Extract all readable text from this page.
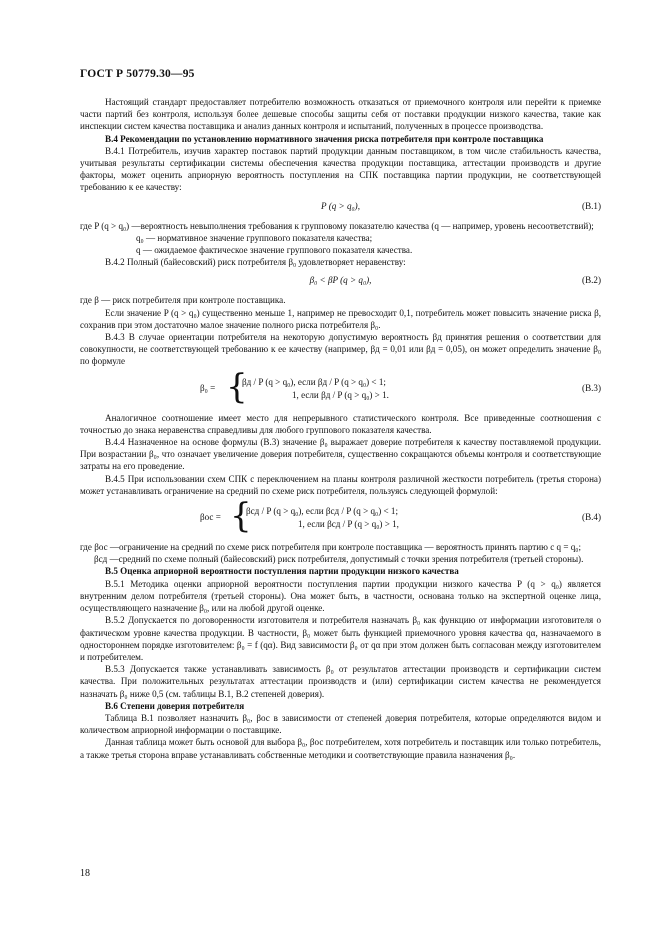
ГОСТ Р 50779.30—95

Настоящий стандарт предоставляет потребителю возможность отказаться от приемочного контроля или перейти к приемке части партий без контроля, используя более дешевые способы защиты себя от поставки продукции низкого качества, такие как инспекции систем качества поставщика и анализ данных контроля и испытаний, полученных в процессе производства.

В.4 Рекомендации по установлению нормативного значения риска потребителя при контроле поставщика

В.4.1 Потребитель, изучив характер поставок партий продукции данным поставщиком, в том числе стабильность качества, учитывая результаты сертификации системы обеспечения качества продукции поставщика, аттестации производств и другие факторы, может оценить априорную вероятность поступления на СПК поставщика партии продукции, не соответствующей требованию к ее качеству:

P (q > q₀),	(В.1)
где P (q > q₀) — вероятность невыполнения требования к групповому показателю качества (q — например, уровень несоответствий);

q₀ — нормативное значение группового показателя качества;

q — ожидаемое фактическое значение группового показателя качества.

В.4.2 Полный (байесовский) риск потребителя β₀ удовлетворяет неравенству:

β₀ < βP (q > q₀),	(В.2)

где β — риск потребителя при контроле поставщика.

Если значение P (q > q₀) существенно меньше 1, например не превосходит 0,1, потребитель может повысить значение риска β, сохранив при этом достаточно малое значение полного риска потребителя β₀.

В.4.3 В случае ориентации потребителя на некоторую допустимую вероятность βд принятия решения о соответствии для совокупности, не соответствующей требованию к ее качеству (например, βд = 0,01 или βд = 0,05), он может определить значение β₀ по формуле

β₀ = {
βд / P (q > q₀), если βд / P (q > q₀) < 1;
1, если βд / P (q > q₀) > 1.
(В.3)

Аналогичное соотношение имеет место для непрерывного статистического контроля. Все приведенные соотношения с точностью до знака неравенства справедливы для любого группового показателя качества.

В.4.4 Назначенное на основе формулы (В.3) значение β₀ выражает доверие потребителя к качеству поставляемой продукции. При возрастании β₀, что означает увеличение доверия потребителя, существенно сокращаются объемы контроля и соответствующие затраты на его проведение.

В.4.5 При использовании схем СПК с переключением на планы контроля различной жесткости потребитель (третья сторона) может устанавливать ограничение на средний по схеме риск потребителя, пользуясь следующей формулой:

βос = {
βсд / P (q > q₀), если βсд / P (q > q₀) < 1;
1, если βсд / P (q > q₀) > 1,
(В.4)
где βос — ограничение на средний по схеме риск потребителя при контроле поставщика — вероятность принять партию с q = q₀;
βсд — средний по схеме полный (байесовский) риск потребителя, допустимый с точки зрения потребителя (третьей стороны).

В.5 Оценка априорной вероятности поступления партии продукции низкого качества

В.5.1 Методика оценки априорной вероятности поступления партии продукции низкого качества P (q > q₀) является внутренним делом потребителя (третьей стороны). Она может быть, в частности, основана только на экспертной оценке лица, осуществляющего назначение β₀, или на любой другой оценке.

В.5.2 Допускается по договоренности изготовителя и потребителя назначать β₀ как функцию от информации изготовителя о фактическом уровне качества продукции. В частности, β₀ может быть функцией приемочного уровня качества qα, назначаемого в одностороннем порядке изготовителем: β₀ = f (qα). Вид зависимости β₀ от qα при этом должен быть согласован между изготовителем и потребителем.

В.5.3 Допускается также устанавливать зависимость β₀ от результатов аттестации производств и сертификации систем качества. При положительных результатах аттестации производств и (или) сертификации систем качества не рекомендуется назначать β₀ ниже 0,5 (см. таблицы В.1, В.2 степеней доверия).

В.6 Степени доверия потребителя

Таблица В.1 позволяет назначить β₀, βос в зависимости от степеней доверия потребителя, которые определяются видом и количеством априорной информации о поставщике.

Данная таблица может быть основой для выбора β₀, βос потребителем, хотя потребитель и поставщик или только потребитель, а также третья сторона вправе устанавливать собственные методики и соответствующие правила назначения β₀.

18
